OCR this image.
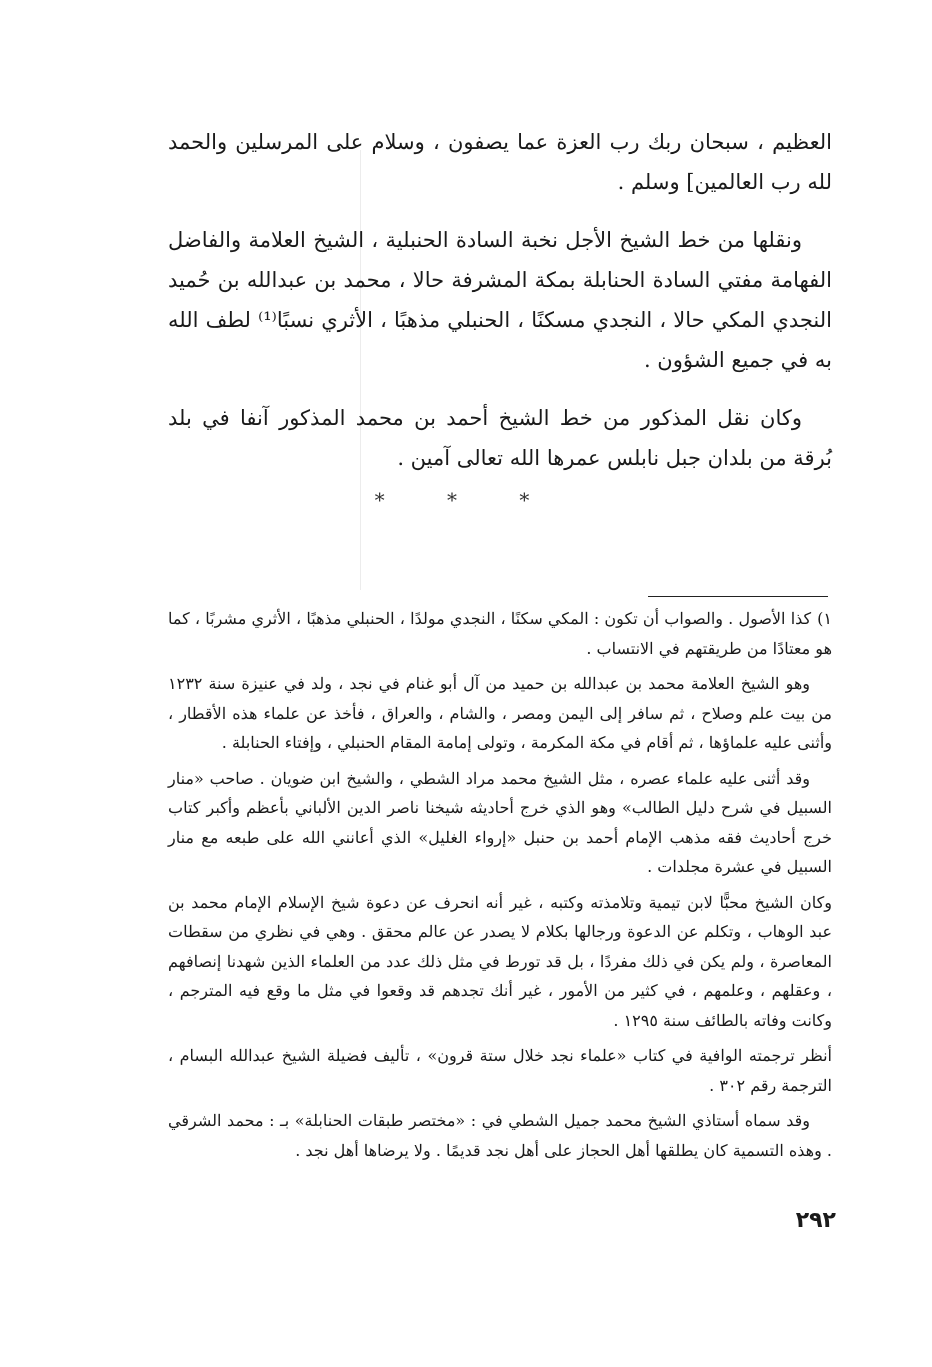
العظيم ، سبحان ربك رب العزة عما يصفون ، وسلام على المرسلين والحمد لله رب العالمين] وسلم .

ونقلها من خط الشيخ الأجل نخبة السادة الحنبلية ، الشيخ العلامة والفاضل الفهامة مفتي السادة الحنابلة بمكة المشرفة حالا ، محمد بن عبدالله بن حُميد النجدي المكي حالا ، النجدي مسكنًا ، الحنبلي مذهبًا ، الأثري نسبًا⁽¹⁾ لطف الله به في جميع الشؤون .

وكان نقل المذكور من خط الشيخ أحمد بن محمد المذكور آنفا في بلد بُرقة من بلدان جبل نابلس عمرها الله تعالى آمين .

* * *

١)كذا الأصول . والصواب أن تكون : المكي سكنًا ، النجدي مولدًا ، الحنبلي مذهبًا ، الأثري مشربًا ، كما هو معتادًا من طريقتهم في الانتساب .

وهو الشيخ العلامة محمد بن عبدالله بن حميد من آل أبو غنام في نجد ، ولد في عنيزة سنة ١٢٣٢ من بيت علم وصلاح ، ثم سافر إلى اليمن ومصر ، والشام ، والعراق ، فأخذ عن علماء هذه الأقطار ، وأثنى عليه علماؤها ، ثم أقام في مكة المكرمة ، وتولى إمامة المقام الحنبلي ، وإفتاء الحنابلة .

وقد أثنى عليه علماء عصره ، مثل الشيخ محمد مراد الشطي ، والشيخ ابن ضويان . صاحب «منار السبيل في شرح دليل الطالب» وهو الذي خرج أحاديثه شيخنا ناصر الدين الألباني بأعظم وأكبر كتاب خرج أحاديث فقه مذهب الإمام أحمد بن حنبل «إرواء الغليل» الذي أعانني الله على طبعه مع منار السبيل في عشرة مجلدات .

وكان الشيخ محبًّا لابن تيمية وتلامذته وكتبه ، غير أنه انحرف عن دعوة شيخ الإسلام الإمام محمد بن عبد الوهاب ، وتكلم عن الدعوة ورجالها بكلام لا يصدر عن عالم محقق . وهي في نظري من سقطات المعاصرة ، ولم يكن في ذلك مفردًا ، بل قد تورط في مثل ذلك عدد من العلماء الذين شهدنا إنصافهم ، وعقلهم ، وعلمهم ، في كثير من الأمور ، غير أنك تجدهم قد وقعوا في مثل ما وقع فيه المترجم ، وكانت وفاته بالطائف سنة ١٢٩٥ .

أنظر ترجمته الوافية في كتاب «علماء نجد خلال ستة قرون» ، تأليف فضيلة الشيخ عبدالله البسام ، الترجمة رقم ٣٠٢ .

وقد سماه أستاذي الشيخ محمد جميل الشطي في : «مختصر طبقات الحنابلة» بـ : محمد الشرقي . وهذه التسمية كان يطلقها أهل الحجاز على أهل نجد قديمًا . ولا يرضاها أهل نجد .

٢٩٢
